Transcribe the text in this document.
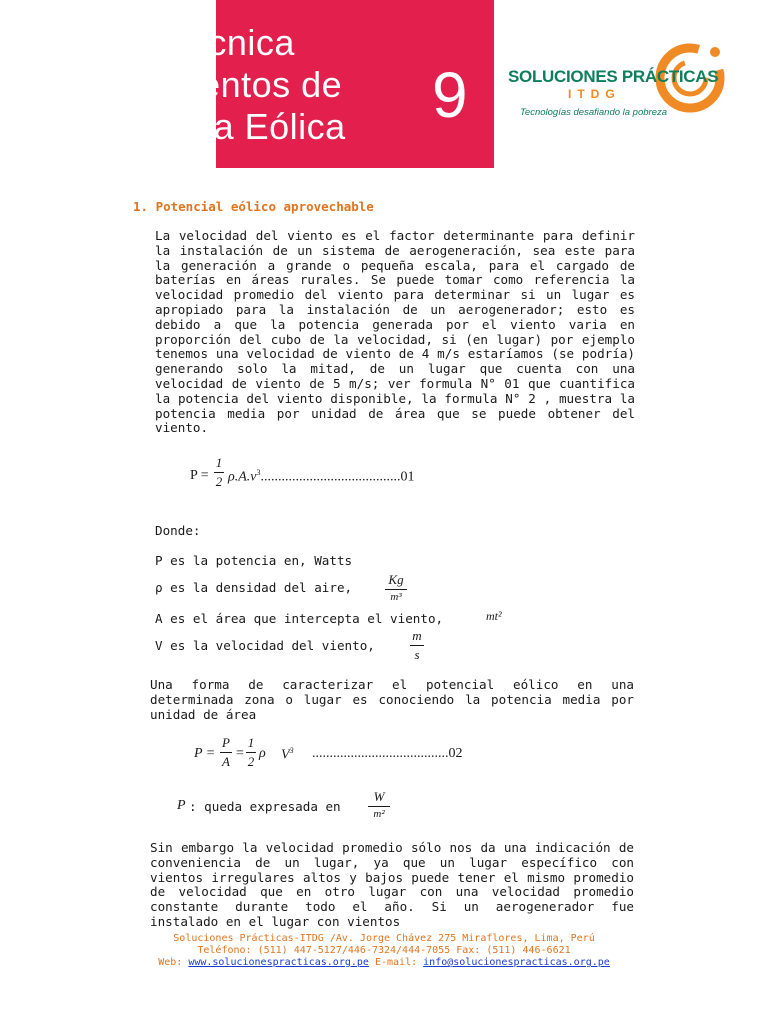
Ficha Técnica
Fundamentos de
la Energía Eólica	9 SOLUCIONES PRÁCTICAS
ITDG
Tecnologías desafiando la pobreza
1. Potencial eólico aprovechable

La velocidad del viento es el factor determinante para definir la instalación de un sistema de aerogeneración, sea este para la generación a grande o pequeña escala, para el cargado de baterías en áreas rurales. Se puede tomar como referencia la velocidad promedio del viento para determinar si un lugar es apropiado para la instalación de un aerogenerador; esto es debido a que la potencia generada por el viento varia en proporción del cubo de la velocidad, si (en lugar) por ejemplo tenemos una velocidad de viento de 4 m/s estaríamos (se podría) generando solo la mitad, de un lugar que cuenta con una velocidad de viento de 5 m/s; ver formula N° 01 que cuantifica la potencia del viento disponible, la formula N° 2 , muestra la potencia media por unidad de área que se puede obtener del viento.

P =
1
2 $\rho.A.v^3........................................01$
Donde:
P es la potencia en, Watts
ρ es la densidad del aire,
Kg
m³
A es el área que intercepta el viento,	mt²
V es la velocidad del viento,
m
s

Una forma de caracterizar el potencial eólico en una determinada zona o lugar es conociendo la potencia media por unidad de área

P =
P
A
=
1
2
ρ $V^3$ .......................................02
P : queda expresada en
W
m²

Sin embargo la velocidad promedio sólo nos da una indicación de conveniencia de un lugar, ya que un lugar específico con vientos irregulares altos y bajos puede tener el mismo promedio de velocidad que en otro lugar con una velocidad promedio constante durante todo el año. Si un aerogenerador fue instalado en el lugar con vientos

Soluciones Prácticas-ITDG /Av. Jorge Chávez 275 Miraflores, Lima, Perú
Teléfono: (511) 447-5127/446-7324/444-7055 Fax: (511) 446-6621
Web: www.solucionespracticas.org.pe E-mail: info@solucionespracticas.org.pe
